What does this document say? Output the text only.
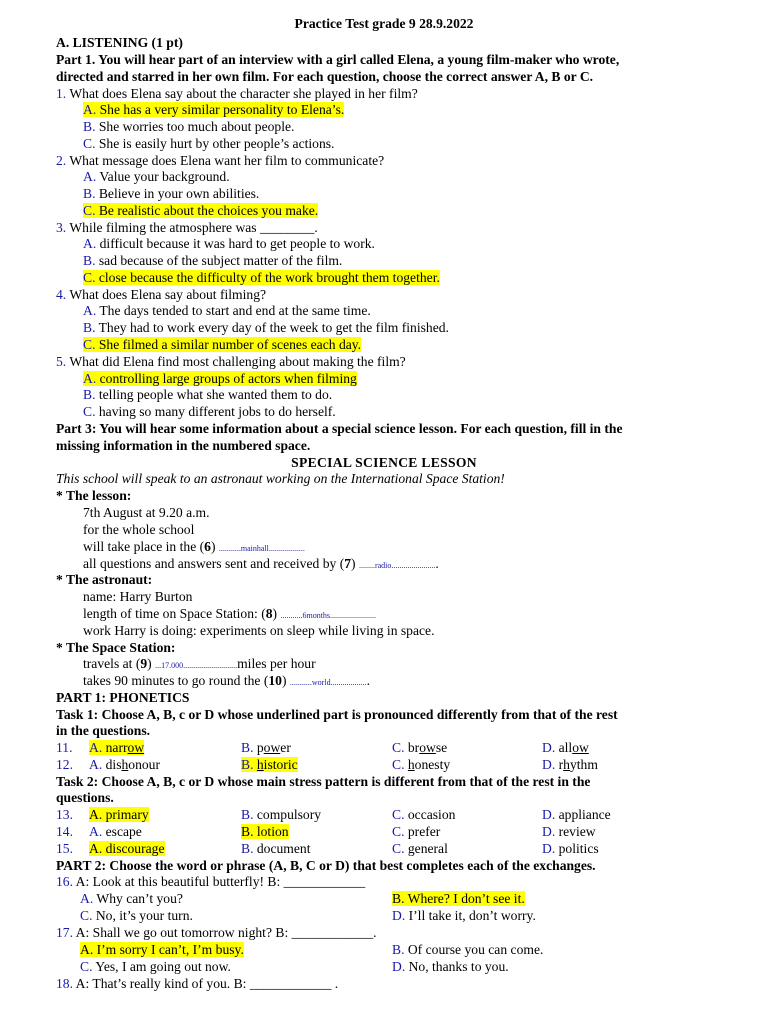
Practice Test grade 9 28.9.2022
A. LISTENING (1 pt)
Part 1. You will hear part of an interview with a girl called Elena, a young film-maker who wrote,
directed and starred in her own film. For each question, choose the correct answer A, B or C.
1. What does Elena say about the character she played in her film?
A. She has a very similar personality to Elena’s.
B. She worries too much about people.
C. She is easily hurt by other people’s actions.
2. What message does Elena want her film to communicate?
A. Value your background.
B. Believe in your own abilities.
C. Be realistic about the choices you make.
3. While filming the atmosphere was ________.
A. difficult because it was hard to get people to work.
B. sad because of the subject matter of the film.
C. close because the difficulty of the work brought them together.
4. What does Elena say about filming?
A. The days tended to start and end at the same time.
B. They had to work every day of the week to get the film finished.
C. She filmed a similar number of scenes each day.
5. What did Elena find most challenging about making the film?
A. controlling large groups of actors when filming
B. telling people what she wanted them to do.
C. having so many different jobs to do herself.
Part 3: You will hear some information about a special science lesson. For each question, fill in the
missing information in the numbered space.
SPECIAL SCIENCE LESSON
This school will speak to an astronaut working on the International Space Station!
* The lesson:
7th August at 9.20 a.m.
for the whole school
will take place in the (6) ...........mainhall..................
all questions and answers sent and received by (7) ........radio.......................
* The astronaut:
name: Harry Burton
length of time on Space Station: (8) ...........6months.......................
work Harry is doing: experiments on sleep while living in space.
* The Space Station:
travels at (9) ...17.000...........................miles per hour
takes 90 minutes to go round the (10) ...........world...................
PART 1: PHONETICS
Task 1: Choose A, B, c or D whose underlined part is pronounced differently from that of the rest
in the questions.
11. A. narrow	B. power	C. browse	D. allow
12. A. dishonour	B. historic	C. honesty	D. rhythm
Task 2: Choose A, B, c or D whose main stress pattern is different from that of the rest in the
questions.
13. A. primary	B. compulsory	C. occasion	D. appliance
14. A. escape	B. lotion	C. prefer	D. review
15. A. discourage	B. document	C. general	D. politics
PART 2: Choose the word or phrase (A, B, C or D) that best completes each of the exchanges.
16. A: Look at this beautiful butterfly! B: ____________
A. Why can’t you?	B. Where? I don’t see it.
C. No, it’s your turn.	D. I’ll take it, don’t worry.
17. A: Shall we go out tomorrow night? B: ____________.
A. I’m sorry I can’t, I’m busy.	B. Of course you can come.
C. Yes, I am going out now.	D. No, thanks to you.
18. A: That’s really kind of you. B: ____________ .
